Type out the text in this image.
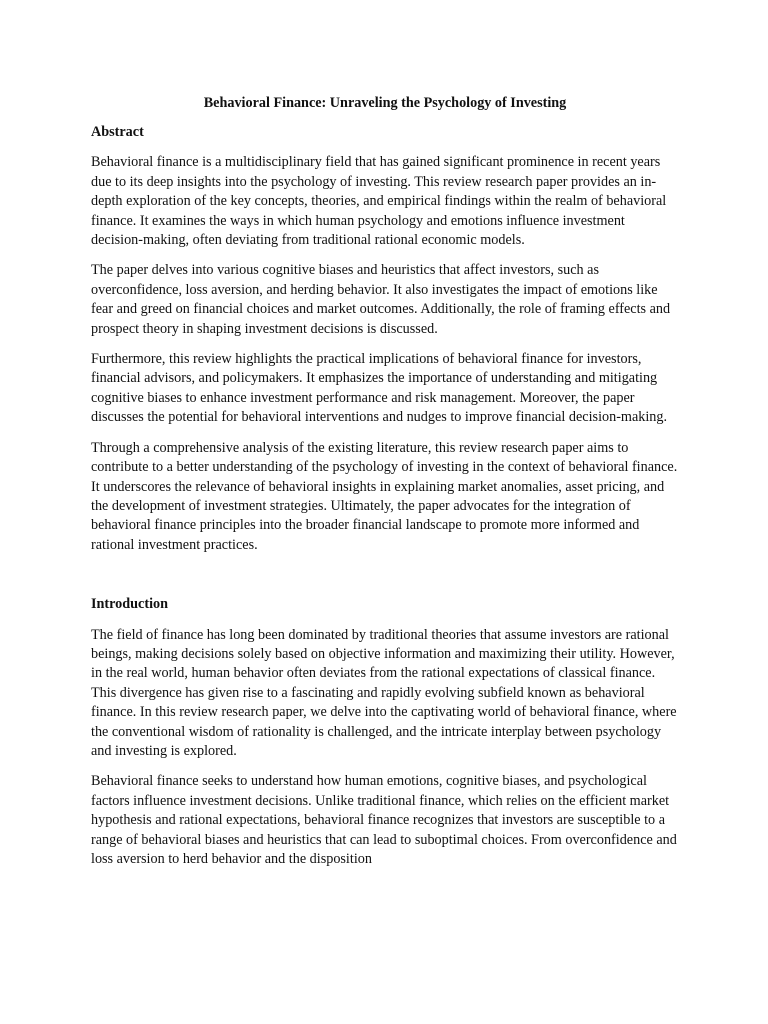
Behavioral Finance: Unraveling the Psychology of Investing
Abstract

Behavioral finance is a multidisciplinary field that has gained significant prominence in recent years due to its deep insights into the psychology of investing. This review research paper provides an in-depth exploration of the key concepts, theories, and empirical findings within the realm of behavioral finance. It examines the ways in which human psychology and emotions influence investment decision-making, often deviating from traditional rational economic models.

The paper delves into various cognitive biases and heuristics that affect investors, such as overconfidence, loss aversion, and herding behavior. It also investigates the impact of emotions like fear and greed on financial choices and market outcomes. Additionally, the role of framing effects and prospect theory in shaping investment decisions is discussed.

Furthermore, this review highlights the practical implications of behavioral finance for investors, financial advisors, and policymakers. It emphasizes the importance of understanding and mitigating cognitive biases to enhance investment performance and risk management. Moreover, the paper discusses the potential for behavioral interventions and nudges to improve financial decision-making.

Through a comprehensive analysis of the existing literature, this review research paper aims to contribute to a better understanding of the psychology of investing in the context of behavioral finance. It underscores the relevance of behavioral insights in explaining market anomalies, asset pricing, and the development of investment strategies. Ultimately, the paper advocates for the integration of behavioral finance principles into the broader financial landscape to promote more informed and rational investment practices.

Introduction

The field of finance has long been dominated by traditional theories that assume investors are rational beings, making decisions solely based on objective information and maximizing their utility. However, in the real world, human behavior often deviates from the rational expectations of classical finance. This divergence has given rise to a fascinating and rapidly evolving subfield known as behavioral finance. In this review research paper, we delve into the captivating world of behavioral finance, where the conventional wisdom of rationality is challenged, and the intricate interplay between psychology and investing is explored.

Behavioral finance seeks to understand how human emotions, cognitive biases, and psychological factors influence investment decisions. Unlike traditional finance, which relies on the efficient market hypothesis and rational expectations, behavioral finance recognizes that investors are susceptible to a range of behavioral biases and heuristics that can lead to suboptimal choices. From overconfidence and loss aversion to herd behavior and the disposition
